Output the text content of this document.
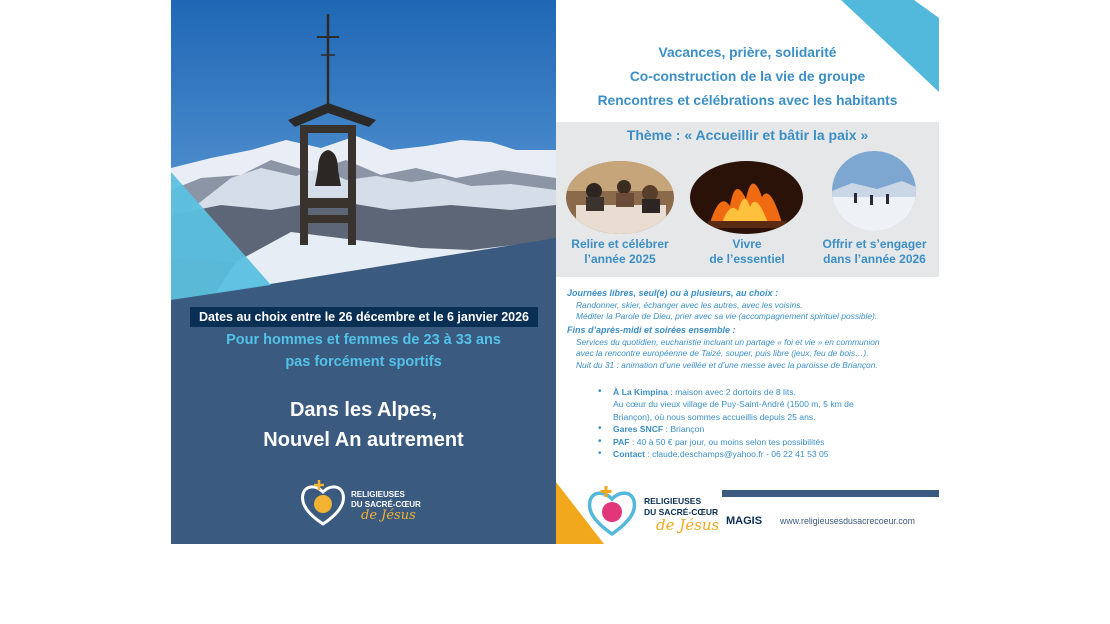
Dates au choix entre le 26 décembre et le 6 janvier 2026
Pour hommes et femmes de 23 à 33 ans
pas forcément sportifs
Dans les Alpes,
Nouvel An autrement
RELIGIEUSES
DU SACRÉ-CŒUR
de Jésus
Vacances, prière, solidarité
Co-construction de la vie de groupe
Rencontres et célébrations avec les habitants
Thème : « Accueillir et bâtir la paix »
Relire et célébrer
l’année 2025
Vivre
de l’essentiel
Offrir et s’engager
dans l’année 2026
Journées libres, seul(e) ou à plusieurs, au choix :
Randonner, skier, échanger avec les autres, avec les voisins.
Méditer la Parole de Dieu, prier avec sa vie (accompagnement spirituel possible).
Fins d’après-midi et soirées ensemble :
Services du quotidien, eucharistie incluant un partage « foi et vie » en communion
avec la rencontre européenne de Taizé, souper, puis libre (jeux, feu de bois…).
Nuit du 31 : animation d’une veillée et d’une messe avec la paroisse de Briançon.
• À La Kimpina : maison avec 2 dortoirs de 8 lits.
Au cœur du vieux village de Puy-Saint-André (1500 m, 5 km de
Briançon), où nous sommes accueillis depuis 25 ans.
• Gares SNCF : Briançon
• PAF : 40 à 50 € par jour, ou moins selon tes possibilités
• Contact : claude.deschamps@yahoo.fr - 06 22 41 53 05
RELIGIEUSES
DU SACRÉ-CŒUR
de Jésus MAGIS www.religieusesdusacrecoeur.com
